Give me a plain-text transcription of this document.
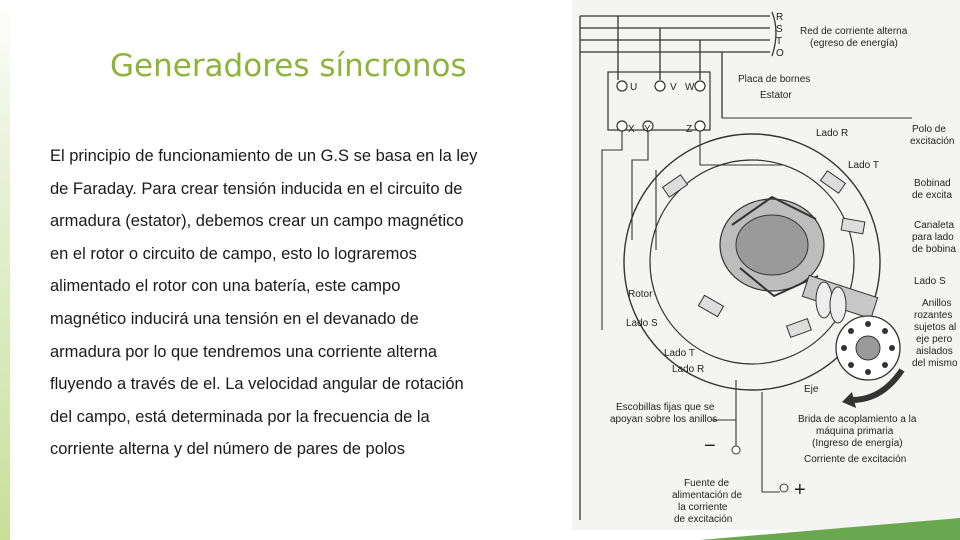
Generadores síncronos

El principio de funcionamiento de un G.S se basa en la ley
de Faraday. Para crear tensión inducida en el circuito de
armadura (estator), debemos crear un campo magnético
en el rotor o circuito de campo, esto lo lograremos
alimentado el rotor con una batería, este campo
magnético inducirá una tensión en el devanado de
armadura por lo que tendremos una corriente alterna
fluyendo a través de el. La velocidad angular de rotación
del campo, está determinada por la frecuencia de la
corriente alterna y del número de pares de polos

R
S
T
O
Red de corriente alterna
(egreso de energía)
U	V W
X Y	Z
Placa de bornes
Estator
Lado R	Polo de
excitación
Lado T
Bobinad
de excita
Canaleta
para lado
de bobina
Lado S
Rotor
Anillos
rozantes
sujetos al
eje pero
aislados
del mismo
Lado S
Lado T
Lado R
Eje
−
+
Escobillas fijas que se
apoyan sobre los anillos	Brida de acoplamiento a la
máquina primaria
(Ingreso de energía)
Corriente de excitación
Fuente de
alimentación de
la corriente
de excitación
